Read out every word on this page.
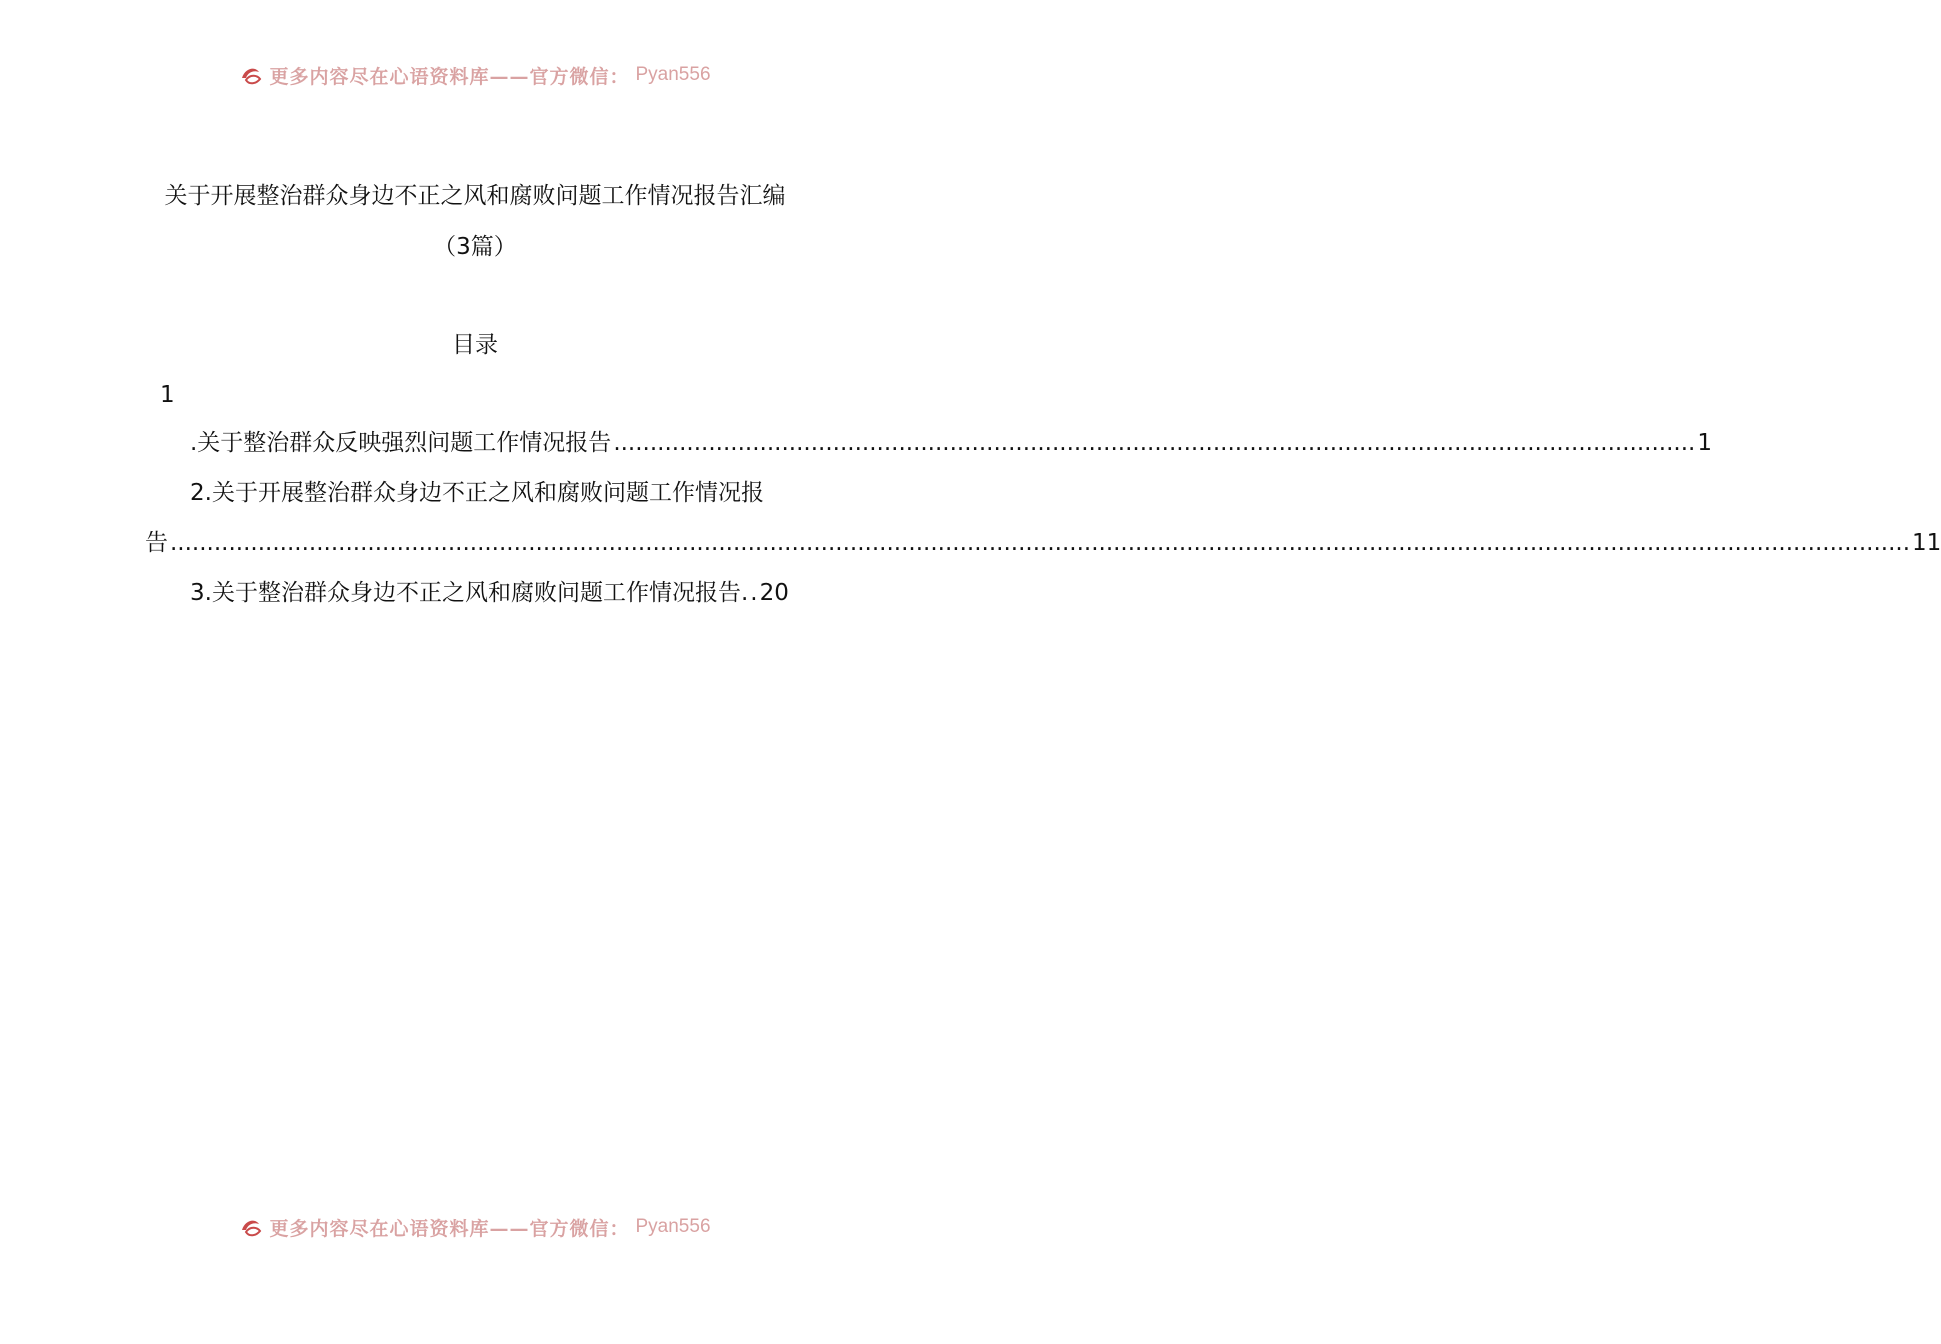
更多内容尽在心语资料库——官方微信： Pyan556
关于开展整治群众身边不正之风和腐败问题工作情况报告汇编
（3篇）
目录
1
.关于整治群众反映强烈问题工作情况报告 .................................................................................................................................................... 1
2.关于开展整治群众身边不正之风和腐败问题工作情况报
告 .............................................................................................................................................................................................................................................. 11
3.关于整治群众身边不正之风和腐败问题工作情况报告. . 20
更多内容尽在心语资料库——官方微信： Pyan556
